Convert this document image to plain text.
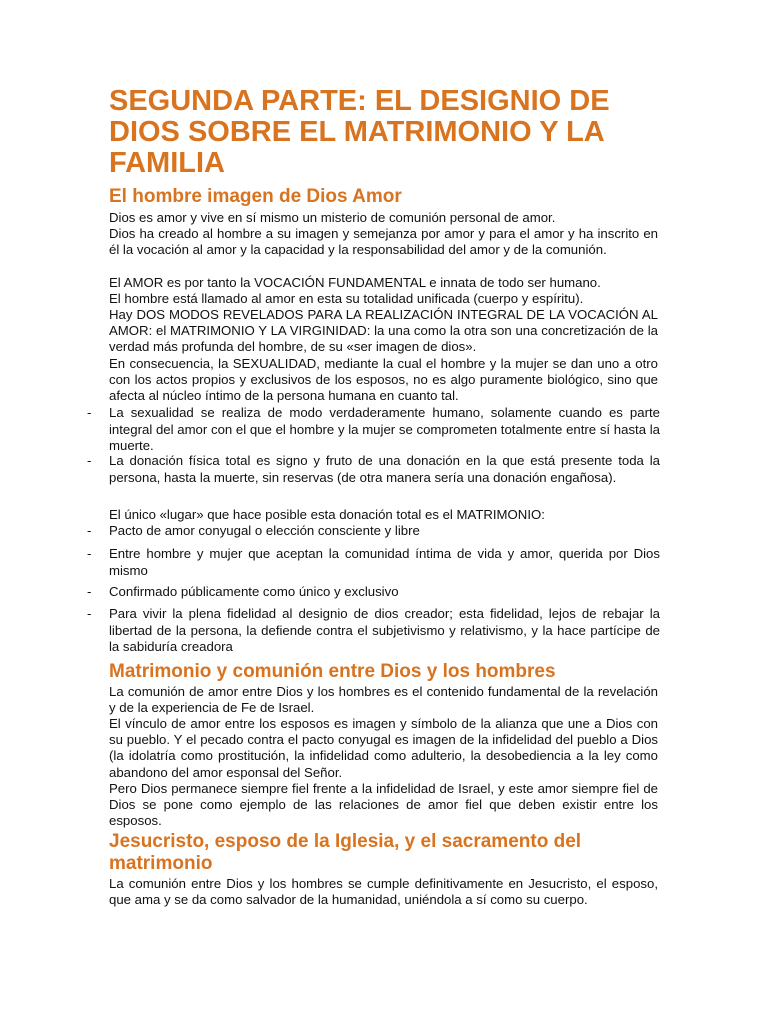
SEGUNDA PARTE: EL DESIGNIO DE DIOS SOBRE EL MATRIMONIO Y LA FAMILIA
El hombre imagen de Dios Amor

Dios es amor y vive en sí mismo un misterio de comunión personal de amor.

Dios ha creado al hombre a su imagen y semejanza por amor y para el amor y ha inscrito en él la vocación al amor y la capacidad y la responsabilidad del amor y de la comunión.

El AMOR es por tanto la VOCACIÓN FUNDAMENTAL e innata de todo ser humano.

El hombre está llamado al amor en esta su totalidad unificada (cuerpo y espíritu).

Hay DOS MODOS REVELADOS PARA LA REALIZACIÓN INTEGRAL DE LA VOCACIÓN AL AMOR: el MATRIMONIO Y LA VIRGINIDAD: la una como la otra son una concretización de la verdad más profunda del hombre, de su «ser imagen de dios».

En consecuencia, la SEXUALIDAD, mediante la cual el hombre y la mujer se dan uno a otro con los actos propios y exclusivos de los esposos, no es algo puramente biológico, sino que afecta al núcleo íntimo de la persona humana en cuanto tal.

-	La sexualidad se realiza de modo verdaderamente humano, solamente cuando es parte integral del amor con el que el hombre y la mujer se comprometen totalmente entre sí hasta la muerte.
-	La donación física total es signo y fruto de una donación en la que está presente toda la persona, hasta la muerte, sin reservas (de otra manera sería una donación engañosa).

El único «lugar» que hace posible esta donación total es el MATRIMONIO:

-	Pacto de amor conyugal o elección consciente y libre
-	Entre hombre y mujer que aceptan la comunidad íntima de vida y amor, querida por Dios mismo
-	Confirmado públicamente como único y exclusivo
-	Para vivir la plena fidelidad al designio de dios creador; esta fidelidad, lejos de rebajar la libertad de la persona, la defiende contra el subjetivismo y relativismo, y la hace partícipe de la sabiduría creadora
Matrimonio y comunión entre Dios y los hombres

La comunión de amor entre Dios y los hombres es el contenido fundamental de la revelación y de la experiencia de Fe de Israel.

El vínculo de amor entre los esposos es imagen y símbolo de la alianza que une a Dios con su pueblo. Y el pecado contra el pacto conyugal es imagen de la infidelidad del pueblo a Dios (la idolatría como prostitución, la infidelidad como adulterio, la desobediencia a la ley como abandono del amor esponsal del Señor.

Pero Dios permanece siempre fiel frente a la infidelidad de Israel, y este amor siempre fiel de Dios se pone como ejemplo de las relaciones de amor fiel que deben existir entre los esposos.

Jesucristo, esposo de la Iglesia, y el sacramento del matrimonio

La comunión entre Dios y los hombres se cumple definitivamente en Jesucristo, el esposo, que ama y se da como salvador de la humanidad, uniéndola a sí como su cuerpo.
